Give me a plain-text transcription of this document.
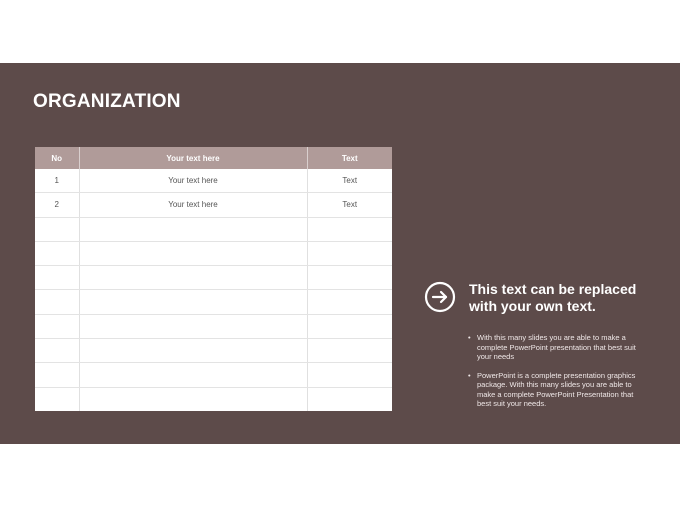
ORGANIZATION
No	Your text here	Text
1	Your text here	Text
2	Your text here	Text

This text can be replaced with your own text.
• With this many slides you are able to make a complete PowerPoint presentation that best suit your needs
• PowerPoint is a complete presentation graphics package. With this many slides you are able to make a complete PowerPoint Presentation that best suit your needs.
